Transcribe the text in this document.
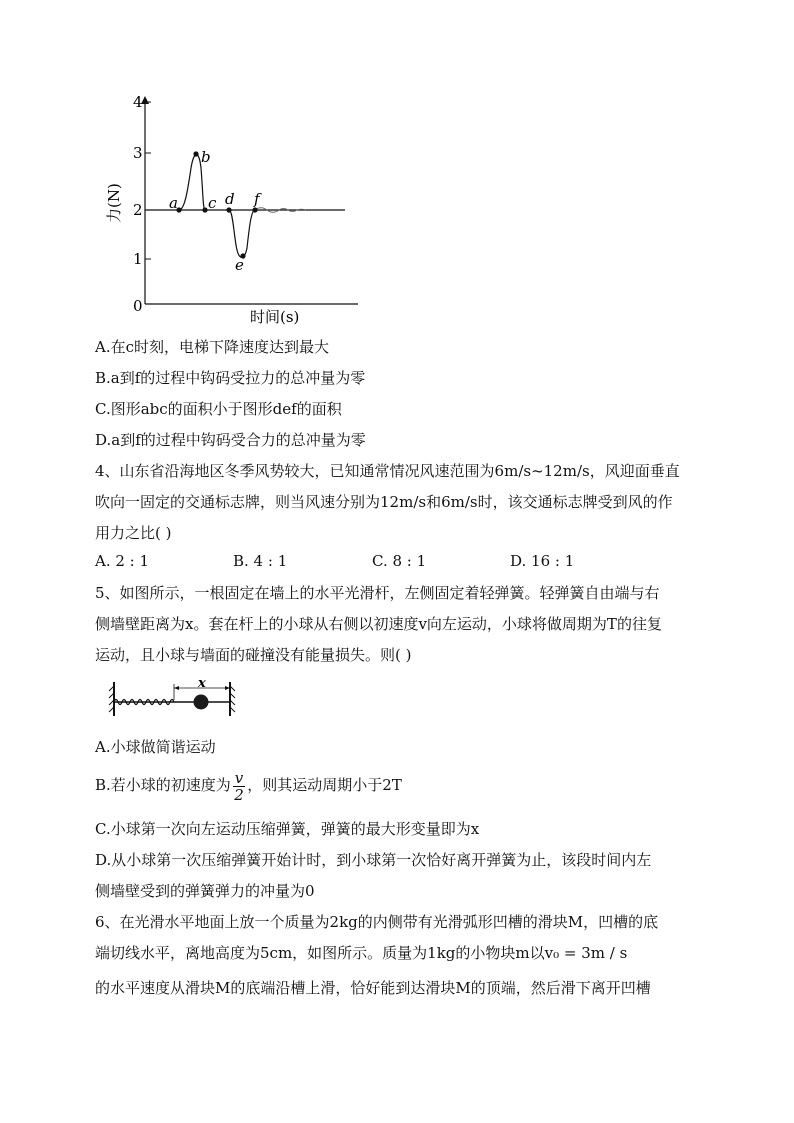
4
3
2
1
0
力(N)
时间(s)
a
b
c d
e
f
A.在c时刻，电梯下降速度达到最大
B.a到f的过程中钩码受拉力的总冲量为零
C.图形abc的面积小于图形def的面积
D.a到f的过程中钩码受合力的总冲量为零
4、山东省沿海地区冬季风势较大，已知通常情况风速范围为6m/s~12m/s，风迎面垂直
吹向一固定的交通标志牌，则当风速分别为12m/s和6m/s时，该交通标志牌受到风的作
用力之比( )
A. 2 : 1	B. 4 : 1	C. 8 : 1	D. 16 : 1
5、如图所示，一根固定在墙上的水平光滑杆，左侧固定着轻弹簧。轻弹簧自由端与右
侧墙壁距离为x。套在杆上的小球从右侧以初速度v向左运动，小球将做周期为T的往复
运动，且小球与墙面的碰撞没有能量损失。则( )
x
A.小球做简谐运动
B.若小球的初速度为 $\frac{v}{2}$ ，则其运动周期小于2T
C.小球第一次向左运动压缩弹簧，弹簧的最大形变量即为x
D.从小球第一次压缩弹簧开始计时，到小球第一次恰好离开弹簧为止，该段时间内左
侧墙壁受到的弹簧弹力的冲量为0
6、在光滑水平地面上放一个质量为2kg的内侧带有光滑弧形凹槽的滑块M，凹槽的底
端切线水平，离地高度为5cm，如图所示。质量为1kg的小物块m以v₀ = 3m / s
的水平速度从滑块M的底端沿槽上滑，恰好能到达滑块M的顶端，然后滑下离开凹槽
